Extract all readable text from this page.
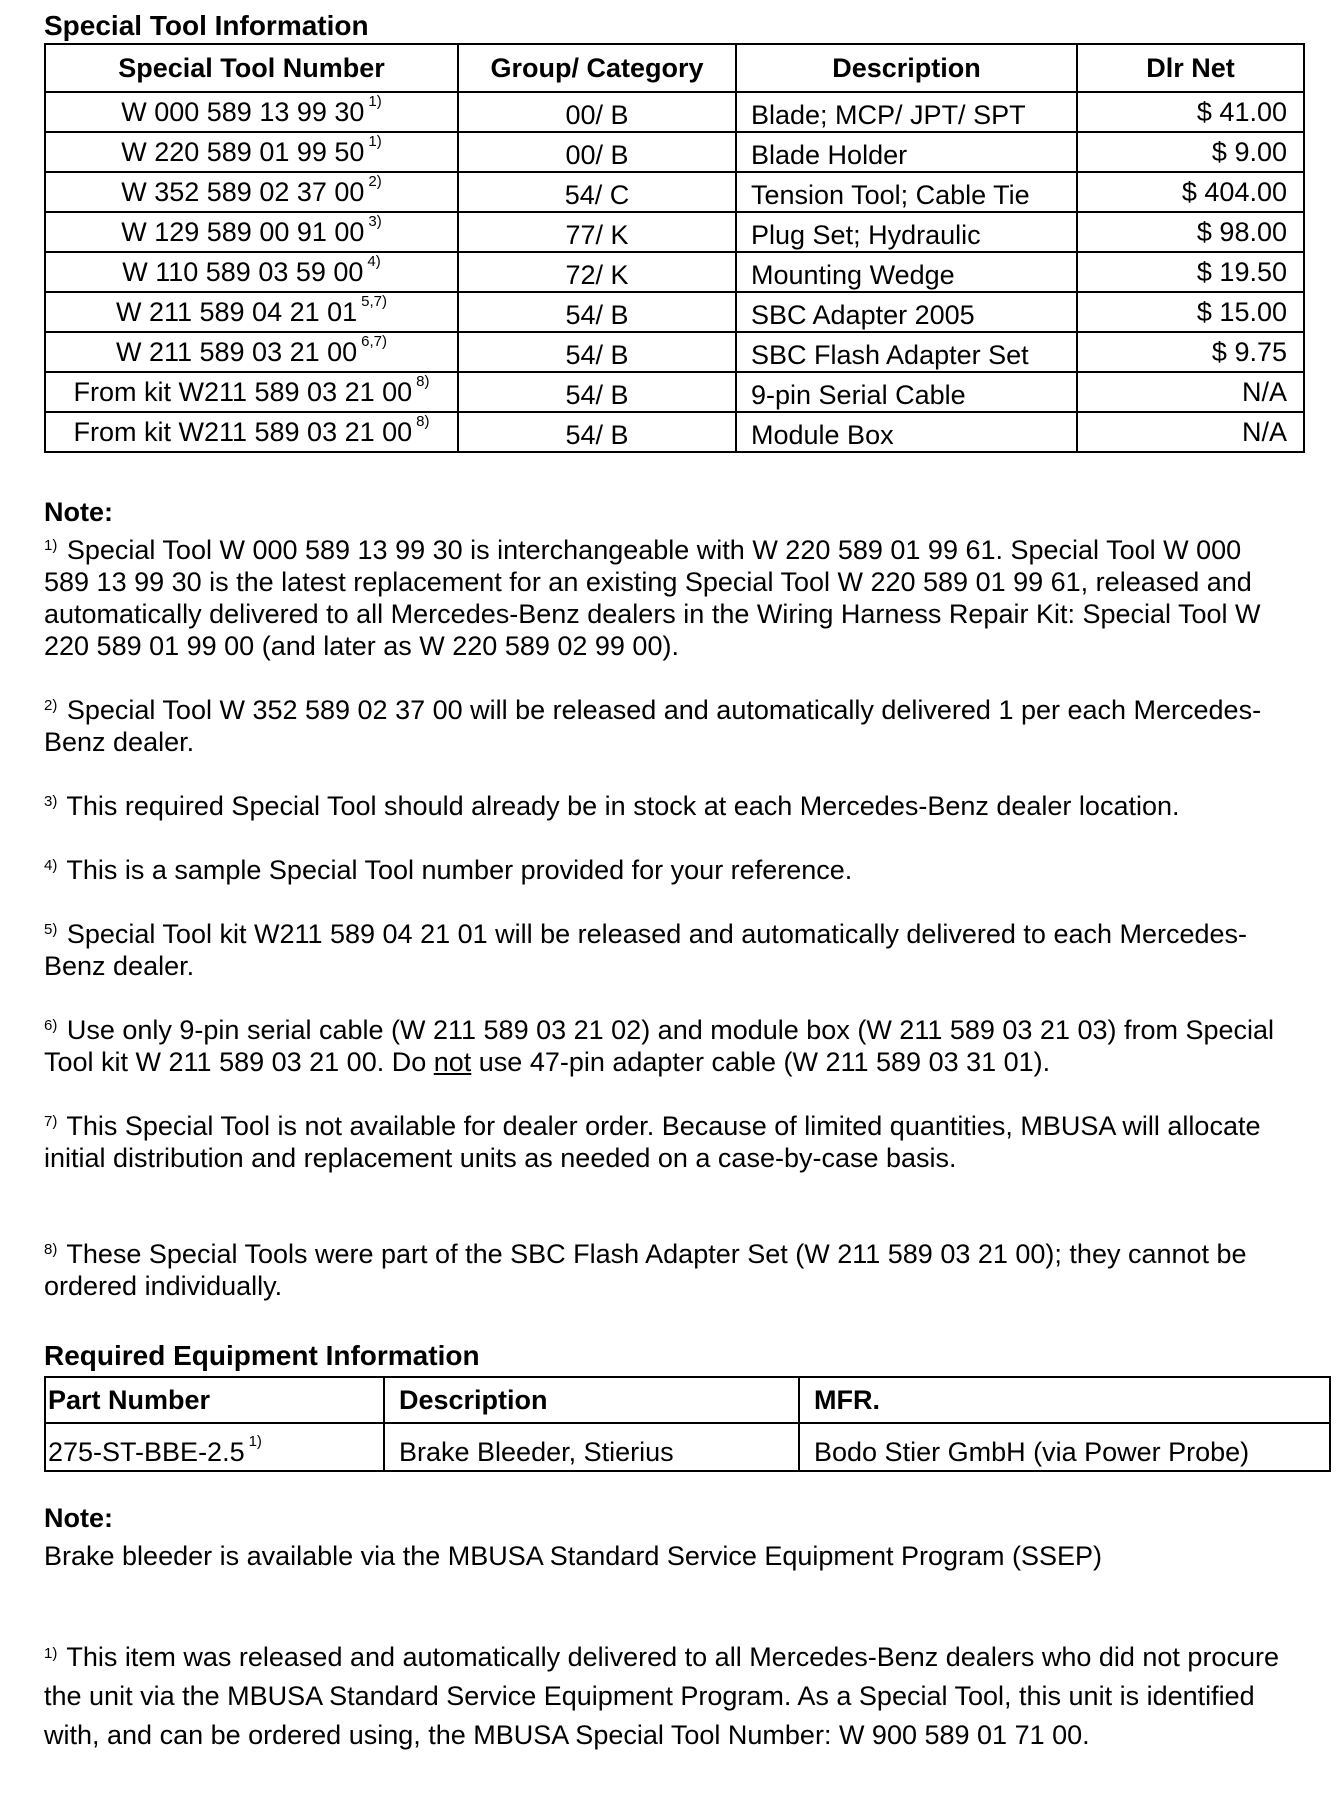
Special Tool Information
Special Tool Number	Group/ Category	Description	Dlr Net
W 000 589 13 99 30 $^{1)}$	00/ B	Blade; MCP/ JPT/ SPT	$ 41.00
W 220 589 01 99 50 $^{1)}$	00/ B	Blade Holder	$ 9.00
W 352 589 02 37 00 $^{2)}$	54/ C	Tension Tool; Cable Tie	$ 404.00
W 129 589 00 91 00 $^{3)}$	77/ K	Plug Set; Hydraulic	$ 98.00
W 110 589 03 59 00 $^{4)}$	72/ K	Mounting Wedge	$ 19.50
W 211 589 04 21 01 $^{5,7)}$	54/ B	SBC Adapter 2005	$ 15.00
W 211 589 03 21 00 $^{6,7)}$	54/ B	SBC Flash Adapter Set	$ 9.75
From kit W211 589 03 21 00 $^{8)}$	54/ B	9-pin Serial Cable	N/A
From kit W211 589 03 21 00 $^{8)}$	54/ B	Module Box	N/A
Note:

$^{1)}$ Special Tool W 000 589 13 99 30 is interchangeable with W 220 589 01 99 61. Special Tool W 000 589 13 99 30 is the latest replacement for an existing Special Tool W 220 589 01 99 61, released and automatically delivered to all Mercedes-Benz dealers in the Wiring Harness Repair Kit: Special Tool W 220 589 01 99 00 (and later as W 220 589 02 99 00).

$^{2)}$ Special Tool W 352 589 02 37 00 will be released and automatically delivered 1 per each Mercedes-Benz dealer.

$^{3)}$ This required Special Tool should already be in stock at each Mercedes-Benz dealer location.

$^{4)}$ This is a sample Special Tool number provided for your reference.

$^{5)}$ Special Tool kit W211 589 04 21 01 will be released and automatically delivered to each Mercedes-Benz dealer.

$^{6)}$ Use only 9-pin serial cable (W 211 589 03 21 02) and module box (W 211 589 03 21 03) from Special Tool kit W 211 589 03 21 00. Do not use 47-pin adapter cable (W 211 589 03 31 01).

$^{7)}$ This Special Tool is not available for dealer order. Because of limited quantities, MBUSA will allocate initial distribution and replacement units as needed on a case-by-case basis.

$^{8)}$ These Special Tools were part of the SBC Flash Adapter Set (W 211 589 03 21 00); they cannot be ordered individually.

Required Equipment Information
Part Number	Description	MFR.
275-ST-BBE-2.5 $^{1)}$	Brake Bleeder, Stierius	Bodo Stier GmbH (via Power Probe)
Note:
Brake bleeder is available via the MBUSA Standard Service Equipment Program (SSEP)

$^{1)}$ This item was released and automatically delivered to all Mercedes-Benz dealers who did not procure the unit via the MBUSA Standard Service Equipment Program. As a Special Tool, this unit is identified with, and can be ordered using, the MBUSA Special Tool Number: W 900 589 01 71 00.
